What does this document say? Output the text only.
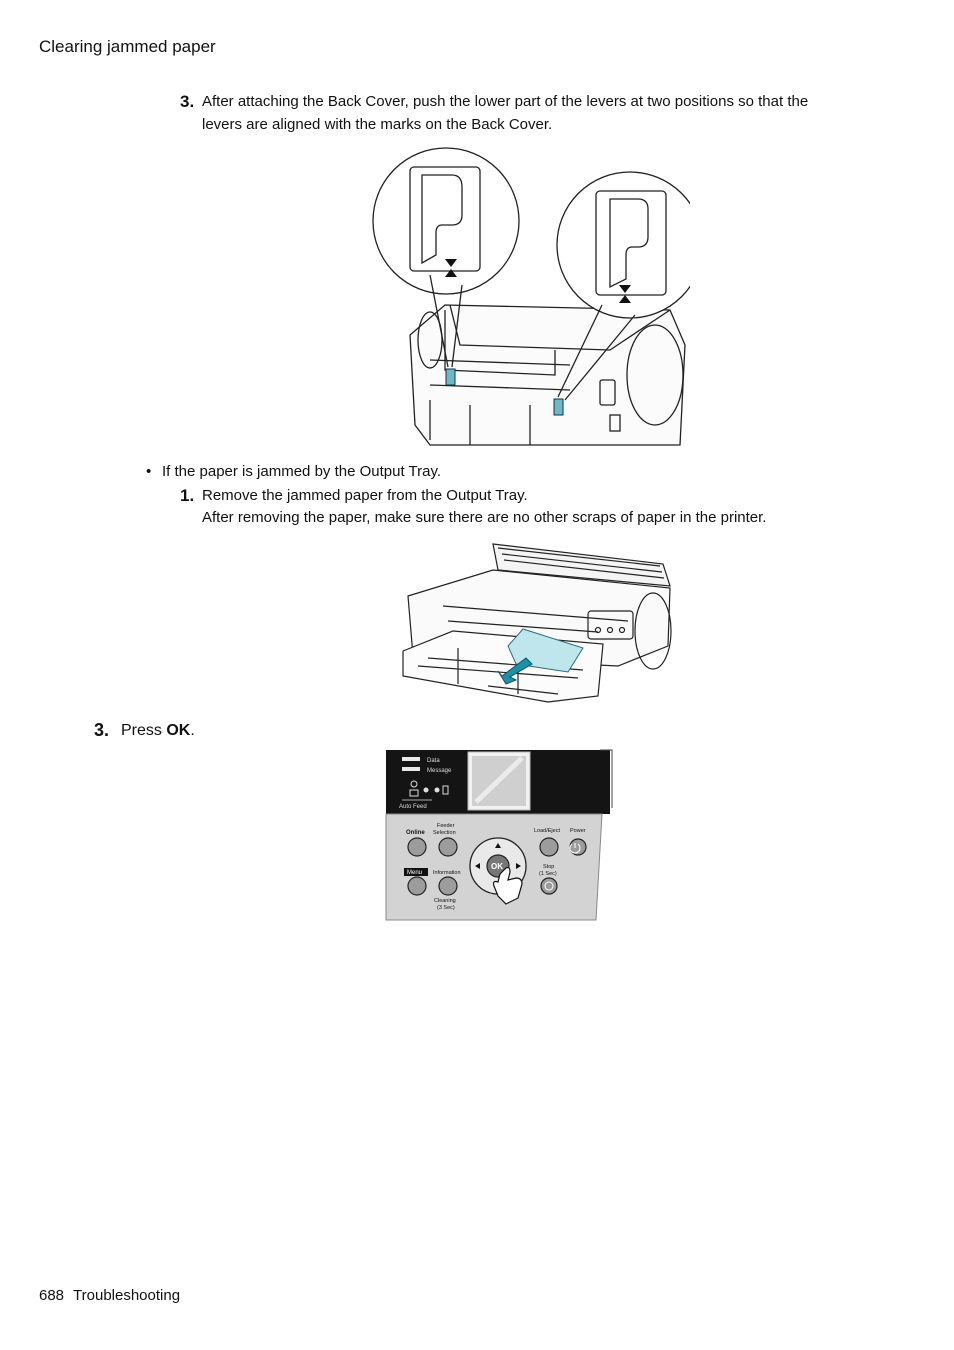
Clearing jammed paper
3. After attaching the Back Cover, push the lower part of the levers at two positions so that the
levers are aligned with the marks on the Back Cover.
• If the paper is jammed by the Output Tray.
1. Remove the jammed paper from the Output Tray.
After removing the paper, make sure there are no other scraps of paper in the printer.
3. Press OK.
Data
Message
Auto Feed
Online
Feeder
Selection	Load/Eject Power
Menu Information
Cleaning
(3 Sec)
Stop
(1 Sec)
OK
688 Troubleshooting
